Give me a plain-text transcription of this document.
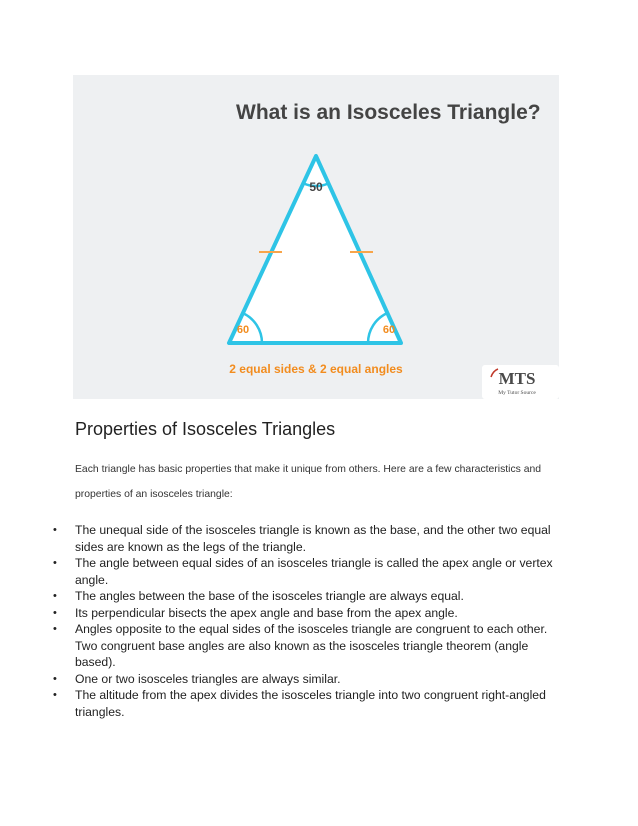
What is an Isosceles Triangle?
50
60	60
2 equal sides & 2 equal angles	MTS
My Tutor Source
Properties of Isosceles Triangles

Each triangle has basic properties that make it unique from others. Here are a few characteristics and properties of an isosceles triangle:

• The unequal side of the isosceles triangle is known as the base, and the other two equal sides are known as the legs of the triangle.
• The angle between equal sides of an isosceles triangle is called the apex angle or vertex angle.
• The angles between the base of the isosceles triangle are always equal.
• Its perpendicular bisects the apex angle and base from the apex angle.
• Angles opposite to the equal sides of the isosceles triangle are congruent to each other. Two congruent base angles are also known as the isosceles triangle theorem (angle based).
• One or two isosceles triangles are always similar.
• The altitude from the apex divides the isosceles triangle into two congruent right-angled triangles.
